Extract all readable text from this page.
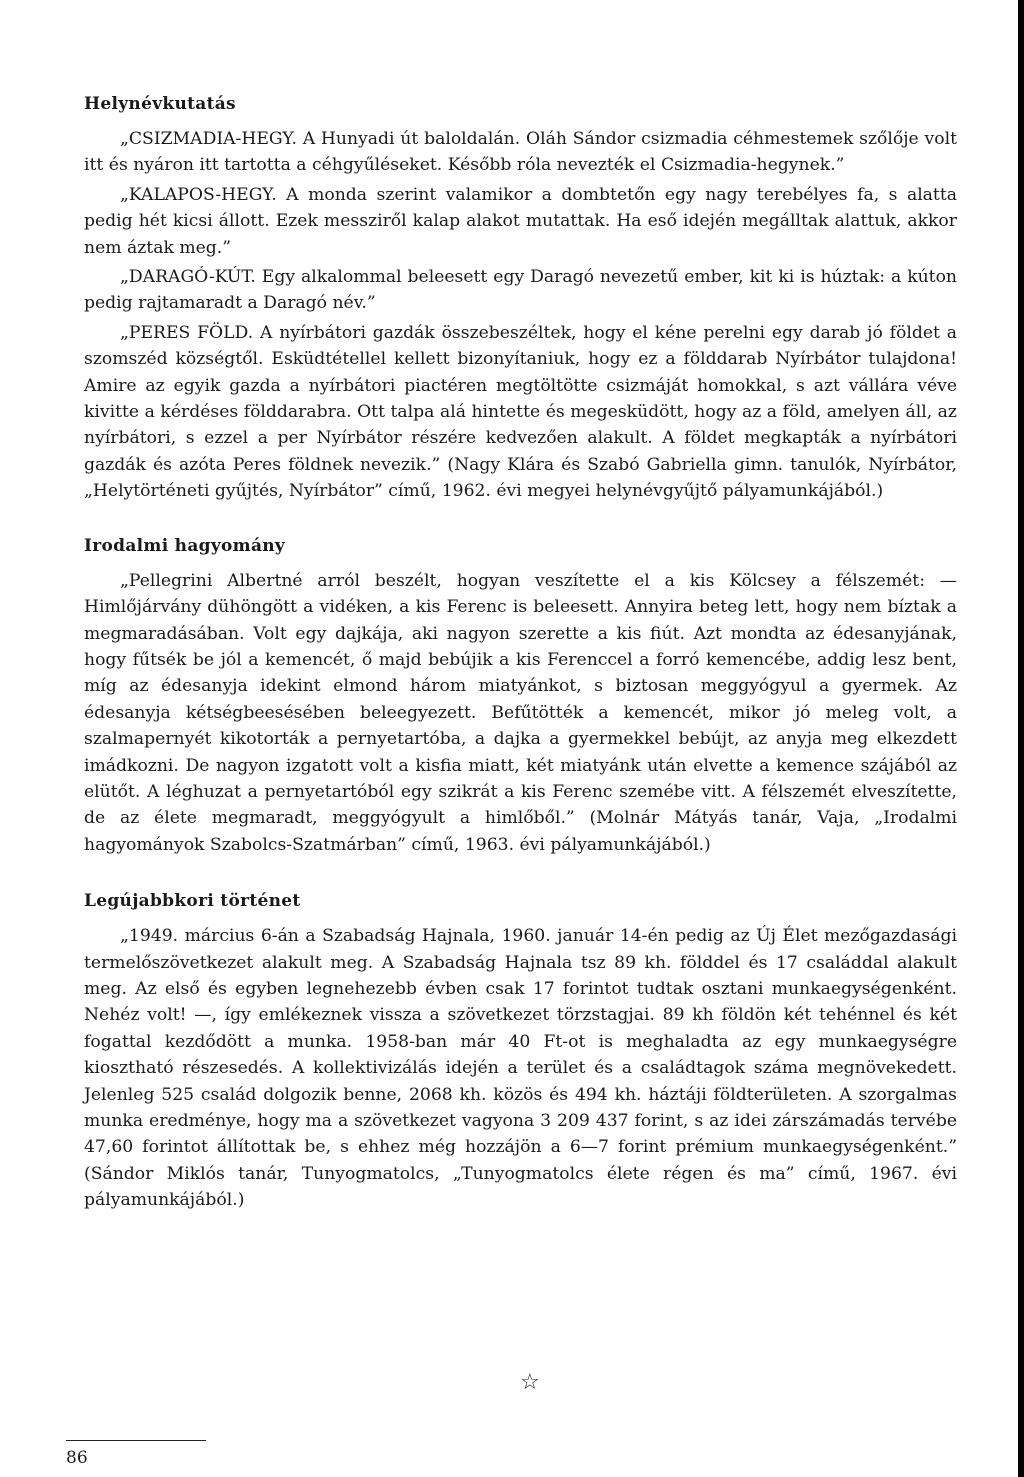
Helynévkutatás

„CSIZMADIA-HEGY. A Hunyadi út baloldalán. Oláh Sándor csizmadia céhmestemek szőlője volt itt és nyáron itt tartotta a céhgyűléseket. Később róla nevezték el Csizmadia-hegynek.”

„KALAPOS-HEGY. A monda szerint valamikor a dombtetőn egy nagy terebélyes fa, s alatta pedig hét kicsi állott. Ezek messziről kalap alakot mutattak. Ha eső idején megálltak alattuk, akkor nem áztak meg.”

„DARAGÓ-KÚT. Egy alkalommal beleesett egy Daragó nevezetű ember, kit ki is húztak: a kúton pedig rajtamaradt a Daragó név.”

„PERES FÖLD. A nyírbátori gazdák összebeszéltek, hogy el kéne perelni egy darab jó földet a szomszéd községtől. Esküdtétellel kellett bizonyítaniuk, hogy ez a földdarab Nyírbátor tulajdona! Amire az egyik gazda a nyírbátori piactéren megtöltötte csizmáját homokkal, s azt vállára véve kivitte a kérdéses földdarabra. Ott talpa alá hintette és megesküdött, hogy az a föld, amelyen áll, az nyírbátori, s ezzel a per Nyírbátor részére kedvezően alakult. A földet megkapták a nyírbátori gazdák és azóta Peres földnek nevezik.” (Nagy Klára és Szabó Gabriella gimn. tanulók, Nyírbátor, „Helytörténeti gyűjtés, Nyírbátor” című, 1962. évi megyei helynévgyűjtő pályamunkájából.)

Irodalmi hagyomány

„Pellegrini Albertné arról beszélt, hogyan veszítette el a kis Kölcsey a félszemét: — Himlőjárvány dühöngött a vidéken, a kis Ferenc is beleesett. Annyira beteg lett, hogy nem bíztak a megmaradásában. Volt egy dajkája, aki nagyon szerette a kis fiút. Azt mondta az édesanyjának, hogy fűtsék be jól a kemencét, ő majd bebújik a kis Ferenccel a forró kemencébe, addig lesz bent, míg az édesanyja idekint elmond három miatyánkot, s biztosan meggyógyul a gyermek. Az édesanyja kétségbeesésében beleegyezett. Befűtötték a kemencét, mikor jó meleg volt, a szalmapernyét kikotorták a pernyetartóba, a dajka a gyermekkel bebújt, az anyja meg elkezdett imádkozni. De nagyon izgatott volt a kisfia miatt, két miatyánk után elvette a kemence szájából az elütőt. A léghuzat a pernyetartóból egy szikrát a kis Ferenc szemébe vitt. A félszemét elveszítette, de az élete megmaradt, meggyógyult a himlőből.” (Molnár Mátyás tanár, Vaja, „Irodalmi hagyományok Szabolcs-Szatmárban” című, 1963. évi pályamunkájából.)

Legújabbkori történet

„1949. március 6-án a Szabadság Hajnala, 1960. január 14-én pedig az Új Élet mezőgazdasági termelőszövetkezet alakult meg. A Szabadság Hajnala tsz 89 kh. földdel és 17 családdal alakult meg. Az első és egyben legnehezebb évben csak 17 forintot tudtak osztani munkaegységenként. Nehéz volt! —, így emlékeznek vissza a szövetkezet törzstagjai. 89 kh földön két tehénnel és két fogattal kezdődött a munka. 1958-ban már 40 Ft-ot is meghaladta az egy munkaegységre kiosztható részesedés. A kollektivizálás idején a terület és a családtagok száma megnövekedett. Jelenleg 525 család dolgozik benne, 2068 kh. közös és 494 kh. háztáji földterületen. A szorgalmas munka eredménye, hogy ma a szövetkezet vagyona 3 209 437 forint, s az idei zárszámadás tervébe 47,60 forintot állítottak be, s ehhez még hozzájön a 6—7 forint prémium munkaegységenként.” (Sándor Miklós tanár, Tunyogmatolcs, „Tunyogmatolcs élete régen és ma” című, 1967. évi pályamunkájából.)

☆
86
